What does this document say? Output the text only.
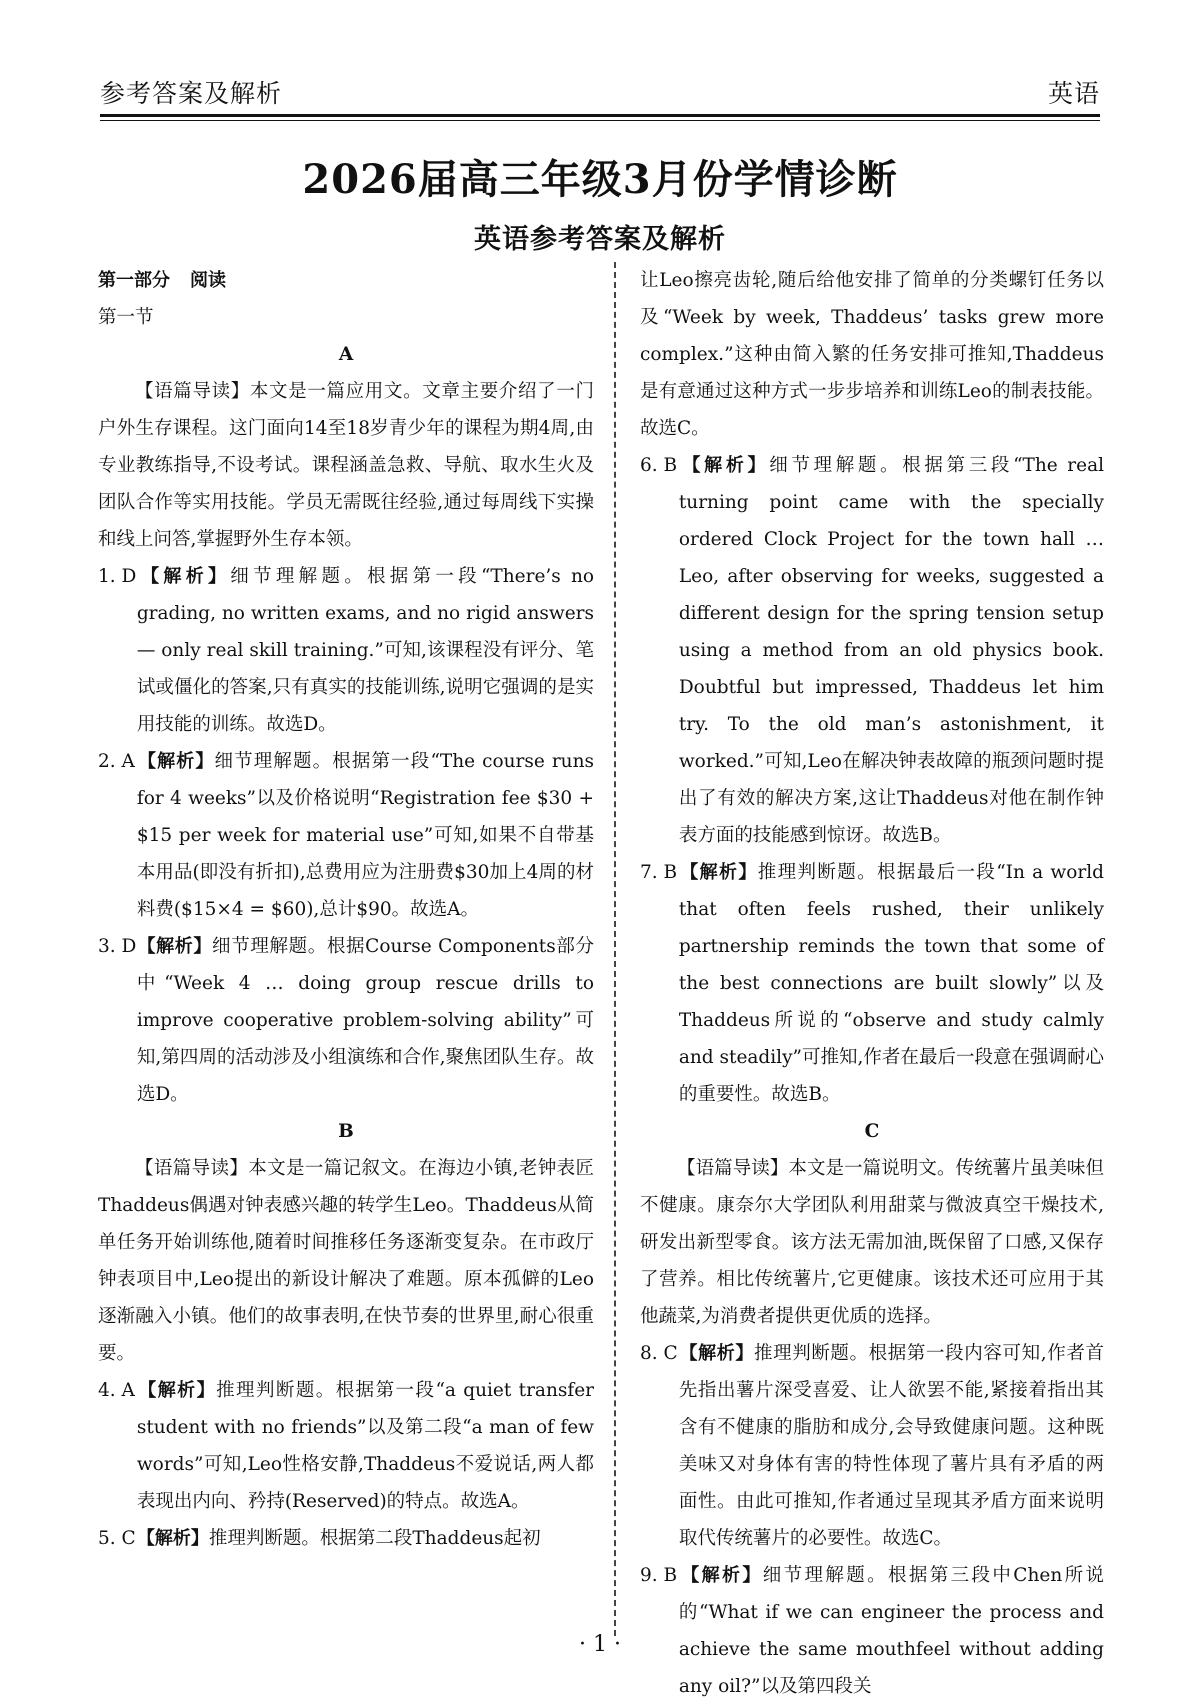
参考答案及解析	英语
2026届高三年级3月份学情诊断
英语参考答案及解析

第一部分 阅读

第一节

A

【语篇导读】本文是一篇应用文。文章主要介绍了一门户外生存课程。这门面向14至18岁青少年的课程为期4周,由专业教练指导,不设考试。课程涵盖急救、导航、取水生火及团队合作等实用技能。学员无需既往经验,通过每周线下实操和线上问答,掌握野外生存本领。

1. D【解析】细节理解题。根据第一段“There’s no grading, no written exams, and no rigid answers — only real skill training.”可知,该课程没有评分、笔试或僵化的答案,只有真实的技能训练,说明它强调的是实用技能的训练。故选D。

2. A 【解析】细节理解题。根据第一段“The course runs for 4 weeks”以及价格说明“Registration fee $30 + $15 per week for material use”可知,如果不自带基本用品(即没有折扣),总费用应为注册费$30加上4周的材料费($15×4 = $60),总计$90。故选A。

3. D【解析】细节理解题。根据Course Components部分中“Week 4 … doing group rescue drills to improve cooperative problem-solving ability”可知,第四周的活动涉及小组演练和合作,聚焦团队生存。故选D。

B

【语篇导读】本文是一篇记叙文。在海边小镇,老钟表匠Thaddeus偶遇对钟表感兴趣的转学生Leo。Thaddeus从简单任务开始训练他,随着时间推移任务逐渐变复杂。在市政厅钟表项目中,Leo提出的新设计解决了难题。原本孤僻的Leo逐渐融入小镇。他们的故事表明,在快节奏的世界里,耐心很重要。

4. A 【解析】推理判断题。根据第一段“a quiet transfer student with no friends”以及第二段“a man of few words”可知,Leo性格安静,Thaddeus不爱说话,两人都表现出内向、矜持(Reserved)的特点。故选A。

5. C【解析】推理判断题。根据第二段Thaddeus起初

让Leo擦亮齿轮,随后给他安排了简单的分类螺钉任务以及“Week by week, Thaddeus’ tasks grew more complex.”这种由简入繁的任务安排可推知,Thaddeus是有意通过这种方式一步步培养和训练Leo的制表技能。故选C。

6. B【解析】细节理解题。根据第三段“The real turning point came with the specially ordered Clock Project for the town hall … Leo, after observing for weeks, suggested a different design for the spring tension setup using a method from an old physics book. Doubtful but impressed, Thaddeus let him try. To the old man’s astonishment, it worked.”可知,Leo在解决钟表故障的瓶颈问题时提出了有效的解决方案,这让Thaddeus对他在制作钟表方面的技能感到惊讶。故选B。

7. B【解析】推理判断题。根据最后一段“In a world that often feels rushed, their unlikely partnership reminds the town that some of the best connections are built slowly”以及Thaddeus所说的“observe and study calmly and steadily”可推知,作者在最后一段意在强调耐心的重要性。故选B。

C

【语篇导读】本文是一篇说明文。传统薯片虽美味但不健康。康奈尔大学团队利用甜菜与微波真空干燥技术,研发出新型零食。该方法无需加油,既保留了口感,又保存了营养。相比传统薯片,它更健康。该技术还可应用于其他蔬菜,为消费者提供更优质的选择。

8. C【解析】推理判断题。根据第一段内容可知,作者首先指出薯片深受喜爱、让人欲罢不能,紧接着指出其含有不健康的脂肪和成分,会导致健康问题。这种既美味又对身体有害的特性体现了薯片具有矛盾的两面性。由此可推知,作者通过呈现其矛盾方面来说明取代传统薯片的必要性。故选C。

9. B【解析】细节理解题。根据第三段中Chen所说的“What if we can engineer the process and achieve the same mouthfeel without adding any oil?”以及第四段关

· 1 ·
